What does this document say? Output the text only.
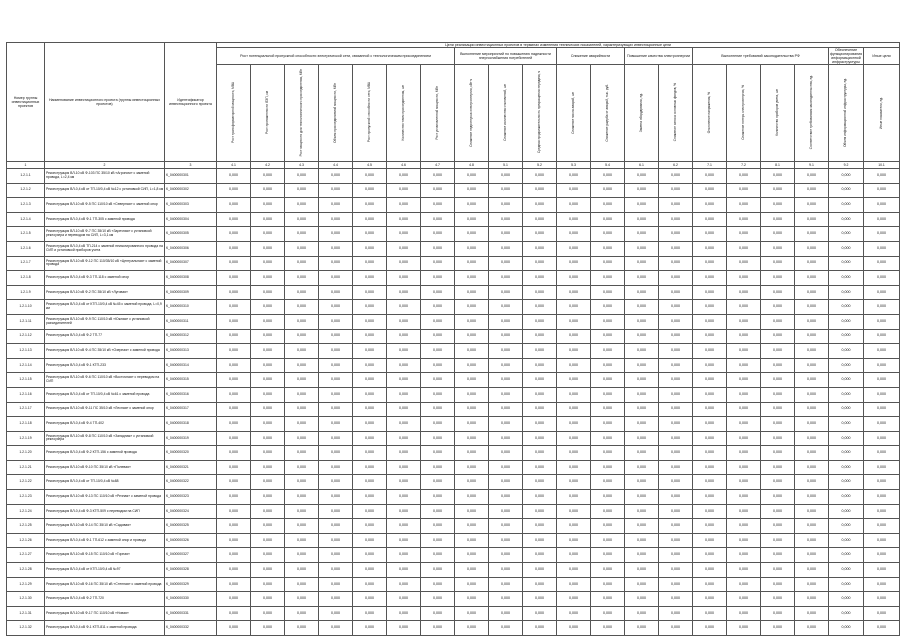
Номер группы инвестиционных проектов	Наименование инвестиционного проекта (группы инвестиционных проектов)	Идентификатор инвестиционного проекта	Цели реализации инвестиционных проектов в терминах изменения технических показателей, характеризующих инвестиционные цели																			
			Рост потенциальной пропускной способности электрической сети, связанной с технологическим присоединением							Выполнение мероприятий по повышению надежности энергоснабжения потребителей			Снижение аварийности		Повышение качества электроэнергии		Выполнение требований законодательства РФ				Обеспечение функционирования информационной инфраструктуры	Иные цели
			Рост трансформаторной мощности, МВА	Рост протяженности ЛЭП, км	Рост мощности для технологического присоединения, МВт	Объем присоединяемой мощности, МВт	Рост пропускной способности сети, МВА	Количество точек присоединения, шт	Рост установленной мощности, МВт	Снижение недоотпуска электроэнергии, кВт·ч	Снижение количества отключений, шт	Средняя продолжительность прекращения передачи, ч	Снижение числа аварий, шт	Снижение ущерба от аварий, тыс. руб.	Замена оборудования, ед.	Снижение износа основных фондов, %	Отклонение напряжения, %	Снижение потерь электроэнергии, %	Количество приборов учета, шт	Соответствие требованиям законодательства, ед.	Объем информационной инфраструктуры, ед.	Иные показатели, ед.
1	2	3	4.1	4.2	4.3	4.4	4.5	4.6	4.7	4.8	5.1	5.2	5.3	5.4	6.1	6.2	7.1	7.2	8.1	9.1	9.2	10.1
1.2.1.1	Реконструкция ВЛ-10 кВ Ф-103 ПС 35/10 кВ «Агроном» с заменой провода, L=2,4 км	К_0400000301	0,000	0,000	0,000	0,000	0,000	0,000	0,000	0,000	0,000	0,000	0,000	0,000	0,000	0,000	0,000	0,000	0,000	0,000	0,000	0,000
1.2.1.2	Реконструкция ВЛ-0,4 кВ от ТП-10/0,4 кВ №12 с установкой СИП, L=1,8 км	К_0400000302	0,000	0,000	0,000	0,000	0,000	0,000	0,000	0,000	0,000	0,000	0,000	0,000	0,000	0,000	0,000	0,000	0,000	0,000	0,000	0,000
1.2.1.3	Реконструкция ВЛ-10 кВ Ф-5 ПС 110/10 кВ «Северная» с заменой опор	К_0400000303	0,000	0,000	0,000	0,000	0,000	0,000	0,000	0,000	0,000	0,000	0,000	0,000	0,000	0,000	0,000	0,000	0,000	0,000	0,000	0,000
1.2.1.4	Реконструкция ВЛ-0,4 кВ Ф-1 ТП-305 с заменой провода	К_0400000304	0,000	0,000	0,000	0,000	0,000	0,000	0,000	0,000	0,000	0,000	0,000	0,000	0,000	0,000	0,000	0,000	0,000	0,000	0,000	0,000
1.2.1.5	Реконструкция ВЛ-10 кВ Ф-7 ПС 35/10 кВ «Заречная» с установкой реклоузера и переводом на СИП, L=3,1 км	К_0400000305	0,000	0,000	0,000	0,000	0,000	0,000	0,000	0,000	0,000	0,000	0,000	0,000	0,000	0,000	0,000	0,000	0,000	0,000	0,000	0,000
1.2.1.6	Реконструкция ВЛ-0,4 кВ ТП-214 с заменой неизолированного провода на СИП и установкой приборов учета	К_0400000306	0,000	0,000	0,000	0,000	0,000	0,000	0,000	0,000	0,000	0,000	0,000	0,000	0,000	0,000	0,000	0,000	0,000	0,000	0,000	0,000
1.2.1.7	Реконструкция ВЛ-10 кВ Ф-12 ПС 110/35/10 кВ «Центральная» с заменой провода	К_0400000307	0,000	0,000	0,000	0,000	0,000	0,000	0,000	0,000	0,000	0,000	0,000	0,000	0,000	0,000	0,000	0,000	0,000	0,000	0,000	0,000
1.2.1.8	Реконструкция ВЛ-0,4 кВ Ф-3 ТП-118 с заменой опор	К_0400000308	0,000	0,000	0,000	0,000	0,000	0,000	0,000	0,000	0,000	0,000	0,000	0,000	0,000	0,000	0,000	0,000	0,000	0,000	0,000	0,000
1.2.1.9	Реконструкция ВЛ-10 кВ Ф-2 ПС 35/10 кВ «Луговая»	К_0400000309	0,000	0,000	0,000	0,000	0,000	0,000	0,000	0,000	0,000	0,000	0,000	0,000	0,000	0,000	0,000	0,000	0,000	0,000	0,000	0,000
1.2.1.10	Реконструкция ВЛ-0,4 кВ от КТП-10/0,4 кВ №45 с заменой провода, L=0,9 км	К_0400000310	0,000	0,000	0,000	0,000	0,000	0,000	0,000	0,000	0,000	0,000	0,000	0,000	0,000	0,000	0,000	0,000	0,000	0,000	0,000	0,000
1.2.1.11	Реконструкция ВЛ-10 кВ Ф-9 ПС 110/10 кВ «Южная» с установкой разъединителей	К_0400000311	0,000	0,000	0,000	0,000	0,000	0,000	0,000	0,000	0,000	0,000	0,000	0,000	0,000	0,000	0,000	0,000	0,000	0,000	0,000	0,000
1.2.1.12	Реконструкция ВЛ-0,4 кВ Ф-2 ТП-77	К_0400000312	0,000	0,000	0,000	0,000	0,000	0,000	0,000	0,000	0,000	0,000	0,000	0,000	0,000	0,000	0,000	0,000	0,000	0,000	0,000	0,000
1.2.1.13	Реконструкция ВЛ-10 кВ Ф-4 ПС 35/10 кВ «Озерная» с заменой провода	К_0400000313	0,000	0,000	0,000	0,000	0,000	0,000	0,000	0,000	0,000	0,000	0,000	0,000	0,000	0,000	0,000	0,000	0,000	0,000	0,000	0,000
1.2.1.14	Реконструкция ВЛ-0,4 кВ Ф-1 КТП-233	К_0400000314	0,000	0,000	0,000	0,000	0,000	0,000	0,000	0,000	0,000	0,000	0,000	0,000	0,000	0,000	0,000	0,000	0,000	0,000	0,000	0,000
1.2.1.15	Реконструкция ВЛ-10 кВ Ф-6 ПС 110/10 кВ «Восточная» с переводом на СИП	К_0400000315	0,000	0,000	0,000	0,000	0,000	0,000	0,000	0,000	0,000	0,000	0,000	0,000	0,000	0,000	0,000	0,000	0,000	0,000	0,000	0,000
1.2.1.16	Реконструкция ВЛ-0,4 кВ от ТП-10/0,4 кВ №61 с заменой провода	К_0400000316	0,000	0,000	0,000	0,000	0,000	0,000	0,000	0,000	0,000	0,000	0,000	0,000	0,000	0,000	0,000	0,000	0,000	0,000	0,000	0,000
1.2.1.17	Реконструкция ВЛ-10 кВ Ф-11 ПС 35/10 кВ «Лесная» с заменой опор	К_0400000317	0,000	0,000	0,000	0,000	0,000	0,000	0,000	0,000	0,000	0,000	0,000	0,000	0,000	0,000	0,000	0,000	0,000	0,000	0,000	0,000
1.2.1.18	Реконструкция ВЛ-0,4 кВ Ф-4 ТП-402	К_0400000318	0,000	0,000	0,000	0,000	0,000	0,000	0,000	0,000	0,000	0,000	0,000	0,000	0,000	0,000	0,000	0,000	0,000	0,000	0,000	0,000
1.2.1.19	Реконструкция ВЛ-10 кВ Ф-8 ПС 110/10 кВ «Западная» с установкой реклоузера	К_0400000319	0,000	0,000	0,000	0,000	0,000	0,000	0,000	0,000	0,000	0,000	0,000	0,000	0,000	0,000	0,000	0,000	0,000	0,000	0,000	0,000
1.2.1.20	Реконструкция ВЛ-0,4 кВ Ф-2 КТП-156 с заменой провода	К_0400000320	0,000	0,000	0,000	0,000	0,000	0,000	0,000	0,000	0,000	0,000	0,000	0,000	0,000	0,000	0,000	0,000	0,000	0,000	0,000	0,000
1.2.1.21	Реконструкция ВЛ-10 кВ Ф-10 ПС 35/10 кВ «Полевая»	К_0400000321	0,000	0,000	0,000	0,000	0,000	0,000	0,000	0,000	0,000	0,000	0,000	0,000	0,000	0,000	0,000	0,000	0,000	0,000	0,000	0,000
1.2.1.22	Реконструкция ВЛ-0,4 кВ от ТП-10/0,4 кВ №88	К_0400000322	0,000	0,000	0,000	0,000	0,000	0,000	0,000	0,000	0,000	0,000	0,000	0,000	0,000	0,000	0,000	0,000	0,000	0,000	0,000	0,000
1.2.1.23	Реконструкция ВЛ-10 кВ Ф-13 ПС 110/10 кВ «Речная» с заменой провода	К_0400000323	0,000	0,000	0,000	0,000	0,000	0,000	0,000	0,000	0,000	0,000	0,000	0,000	0,000	0,000	0,000	0,000	0,000	0,000	0,000	0,000
1.2.1.24	Реконструкция ВЛ-0,4 кВ Ф-3 КТП-509 с переводом на СИП	К_0400000324	0,000	0,000	0,000	0,000	0,000	0,000	0,000	0,000	0,000	0,000	0,000	0,000	0,000	0,000	0,000	0,000	0,000	0,000	0,000	0,000
1.2.1.25	Реконструкция ВЛ-10 кВ Ф-14 ПС 35/10 кВ «Садовая»	К_0400000325	0,000	0,000	0,000	0,000	0,000	0,000	0,000	0,000	0,000	0,000	0,000	0,000	0,000	0,000	0,000	0,000	0,000	0,000	0,000	0,000
1.2.1.26	Реконструкция ВЛ-0,4 кВ Ф-1 ТП-612 с заменой опор и провода	К_0400000326	0,000	0,000	0,000	0,000	0,000	0,000	0,000	0,000	0,000	0,000	0,000	0,000	0,000	0,000	0,000	0,000	0,000	0,000	0,000	0,000
1.2.1.27	Реконструкция ВЛ-10 кВ Ф-15 ПС 110/10 кВ «Горная»	К_0400000327	0,000	0,000	0,000	0,000	0,000	0,000	0,000	0,000	0,000	0,000	0,000	0,000	0,000	0,000	0,000	0,000	0,000	0,000	0,000	0,000
1.2.1.28	Реконструкция ВЛ-0,4 кВ от КТП-10/0,4 кВ №97	К_0400000328	0,000	0,000	0,000	0,000	0,000	0,000	0,000	0,000	0,000	0,000	0,000	0,000	0,000	0,000	0,000	0,000	0,000	0,000	0,000	0,000
1.2.1.29	Реконструкция ВЛ-10 кВ Ф-16 ПС 35/10 кВ «Степная» с заменой провода	К_0400000329	0,000	0,000	0,000	0,000	0,000	0,000	0,000	0,000	0,000	0,000	0,000	0,000	0,000	0,000	0,000	0,000	0,000	0,000	0,000	0,000
1.2.1.30	Реконструкция ВЛ-0,4 кВ Ф-2 ТП-720	К_0400000330	0,000	0,000	0,000	0,000	0,000	0,000	0,000	0,000	0,000	0,000	0,000	0,000	0,000	0,000	0,000	0,000	0,000	0,000	0,000	0,000
1.2.1.31	Реконструкция ВЛ-10 кВ Ф-17 ПС 110/10 кВ «Новая»	К_0400000331	0,000	0,000	0,000	0,000	0,000	0,000	0,000	0,000	0,000	0,000	0,000	0,000	0,000	0,000	0,000	0,000	0,000	0,000	0,000	0,000
1.2.1.32	Реконструкция ВЛ-0,4 кВ Ф-1 КТП-811 с заменой провода	К_0400000332	0,000	0,000	0,000	0,000	0,000	0,000	0,000	0,000	0,000	0,000	0,000	0,000	0,000	0,000	0,000	0,000	0,000	0,000	0,000	0,000
